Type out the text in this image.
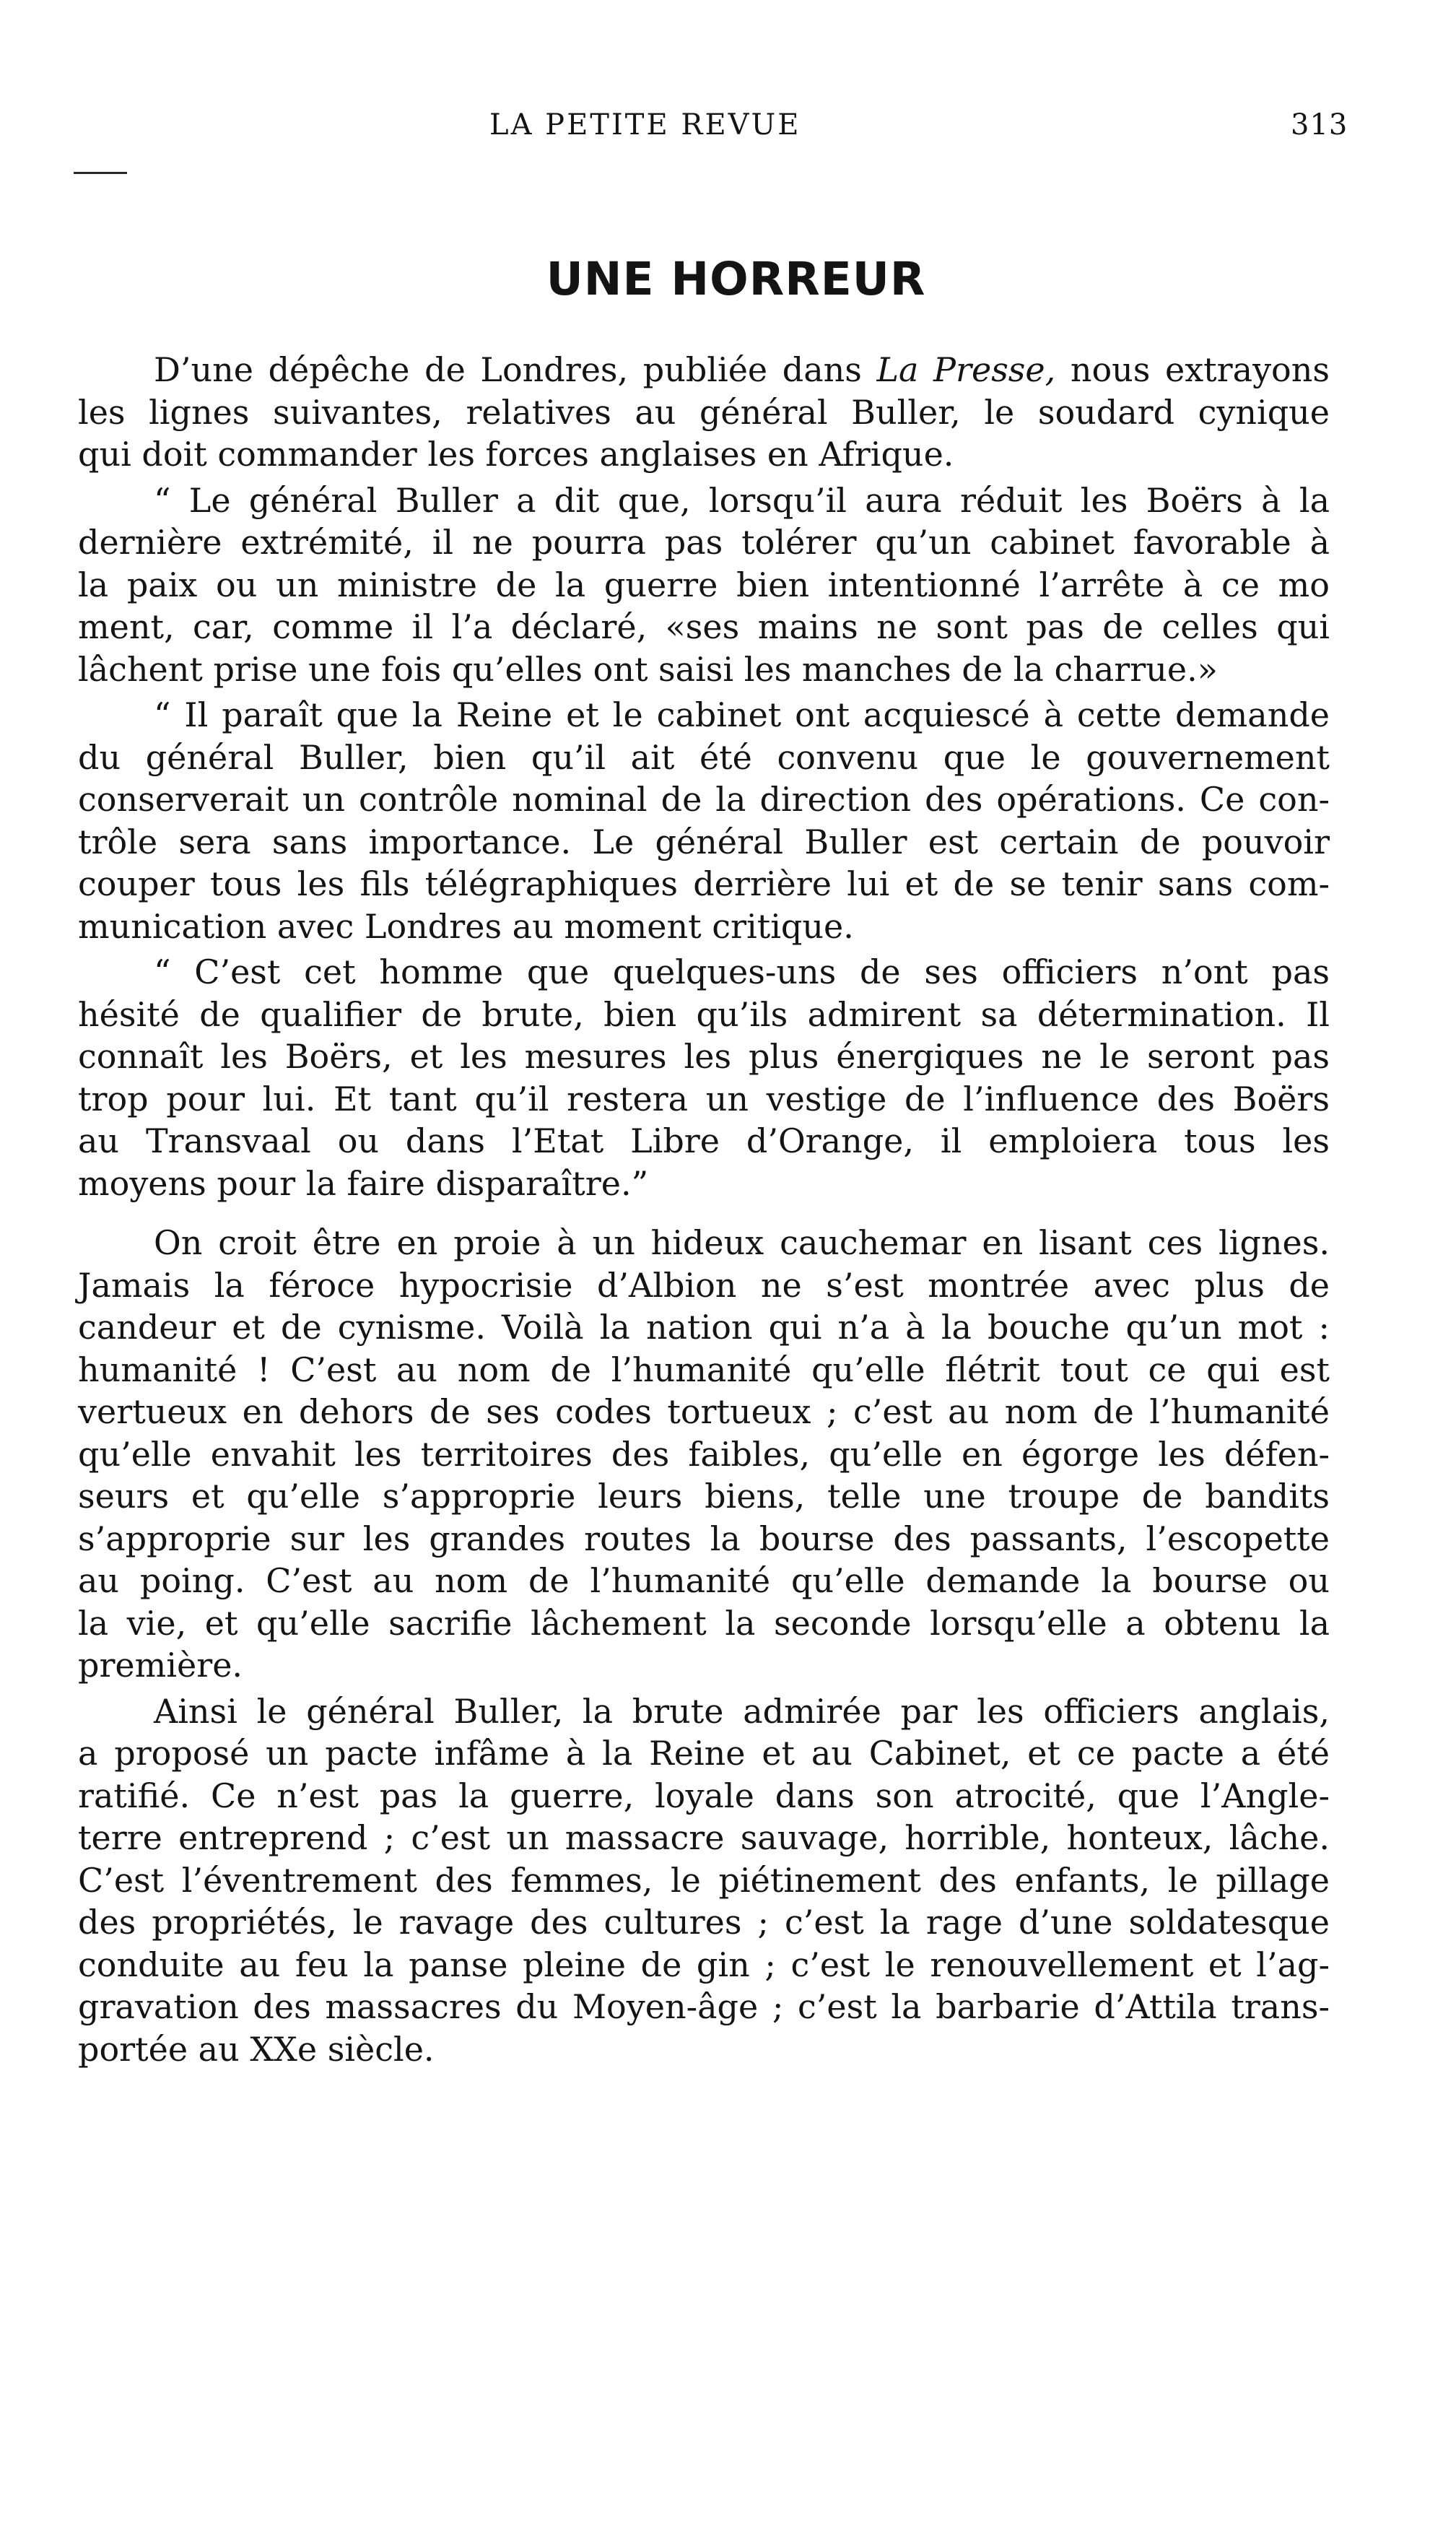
LA PETITE REVUE	313
UNE HORREUR
D’une dépêche de Londres, publiée dans La Presse, nous extrayons
les lignes suivantes, relatives au général Buller, le soudard cynique
qui doit commander les forces anglaises en Afrique.
“ Le général Buller a dit que, lorsqu’il aura réduit les Boërs à la
dernière extrémité, il ne pourra pas tolérer qu’un cabinet favorable à
la paix ou un ministre de la guerre bien intentionné l’arrête à ce mo
ment, car, comme il l’a déclaré, «ses mains ne sont pas de celles qui
lâchent prise une fois qu’elles ont saisi les manches de la charrue.»
“ Il paraît que la Reine et le cabinet ont acquiescé à cette demande
du général Buller, bien qu’il ait été convenu que le gouvernement
conserverait un contrôle nominal de la direction des opérations. Ce con-
trôle sera sans importance. Le général Buller est certain de pouvoir
couper tous les fils télégraphiques derrière lui et de se tenir sans com-
munication avec Londres au moment critique.
“ C’est cet homme que quelques-uns de ses officiers n’ont pas
hésité de qualifier de brute, bien qu’ils admirent sa détermination. Il
connaît les Boërs, et les mesures les plus énergiques ne le seront pas
trop pour lui. Et tant qu’il restera un vestige de l’influence des Boërs
au Transvaal ou dans l’Etat Libre d’Orange, il emploiera tous les
moyens pour la faire disparaître.”
On croit être en proie à un hideux cauchemar en lisant ces lignes.
Jamais la féroce hypocrisie d’Albion ne s’est montrée avec plus de
candeur et de cynisme. Voilà la nation qui n’a à la bouche qu’un mot :
humanité ! C’est au nom de l’humanité qu’elle flétrit tout ce qui est
vertueux en dehors de ses codes tortueux ; c’est au nom de l’humanité
qu’elle envahit les territoires des faibles, qu’elle en égorge les défen-
seurs et qu’elle s’approprie leurs biens, telle une troupe de bandits
s’approprie sur les grandes routes la bourse des passants, l’escopette
au poing. C’est au nom de l’humanité qu’elle demande la bourse ou
la vie, et qu’elle sacrifie lâchement la seconde lorsqu’elle a obtenu la
première.
Ainsi le général Buller, la brute admirée par les officiers anglais,
a proposé un pacte infâme à la Reine et au Cabinet, et ce pacte a été
ratifié. Ce n’est pas la guerre, loyale dans son atrocité, que l’Angle-
terre entreprend ; c’est un massacre sauvage, horrible, honteux, lâche.
C’est l’éventrement des femmes, le piétinement des enfants, le pillage
des propriétés, le ravage des cultures ; c’est la rage d’une soldatesque
conduite au feu la panse pleine de gin ; c’est le renouvellement et l’ag-
gravation des massacres du Moyen-âge ; c’est la barbarie d’Attila trans-
portée au XXe siècle.
